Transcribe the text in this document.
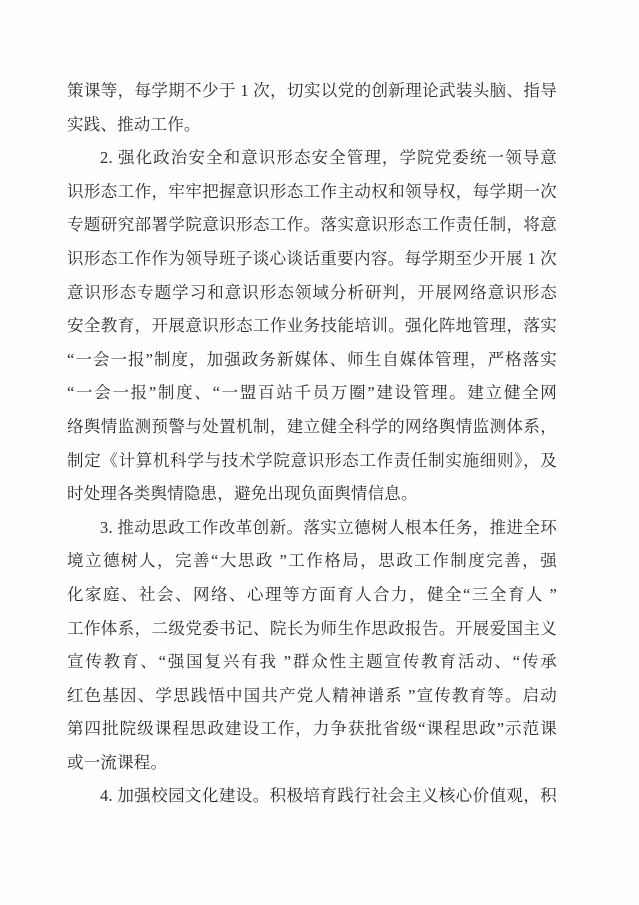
策课等，每学期不少于 1 次，切实以党的创新理论武装头脑、指导
实践、推动工作。
2. 强化政治安全和意识形态安全管理，学院党委统一领导意
识形态工作，牢牢把握意识形态工作主动权和领导权，每学期一次
专题研究部署学院意识形态工作。落实意识形态工作责任制，将意
识形态工作作为领导班子谈心谈话重要内容。每学期至少开展 1 次
意识形态专题学习和意识形态领域分析研判，开展网络意识形态
安全教育，开展意识形态工作业务技能培训。强化阵地管理，落实
“一会一报”制度，加强政务新媒体、师生自媒体管理，严格落实
“一会一报”制度、“一盟百站千员万圈”建设管理。建立健全网
络舆情监测预警与处置机制，建立健全科学的网络舆情监测体系，
制定《计算机科学与技术学院意识形态工作责任制实施细则》，及
时处理各类舆情隐患，避免出现负面舆情信息。
3. 推动思政工作改革创新。落实立德树人根本任务，推进全环
境立德树人，完善“大思政 ”工作格局，思政工作制度完善，强
化家庭、社会、网络、心理等方面育人合力，健全“三全育人 ”
工作体系，二级党委书记、院长为师生作思政报告。开展爱国主义
宣传教育、“强国复兴有我 ”群众性主题宣传教育活动、“传承
红色基因、学思践悟中国共产党人精神谱系 ”宣传教育等。启动
第四批院级课程思政建设工作，力争获批省级“课程思政”示范课
或一流课程。
4. 加强校园文化建设。积极培育践行社会主义核心价值观，积
